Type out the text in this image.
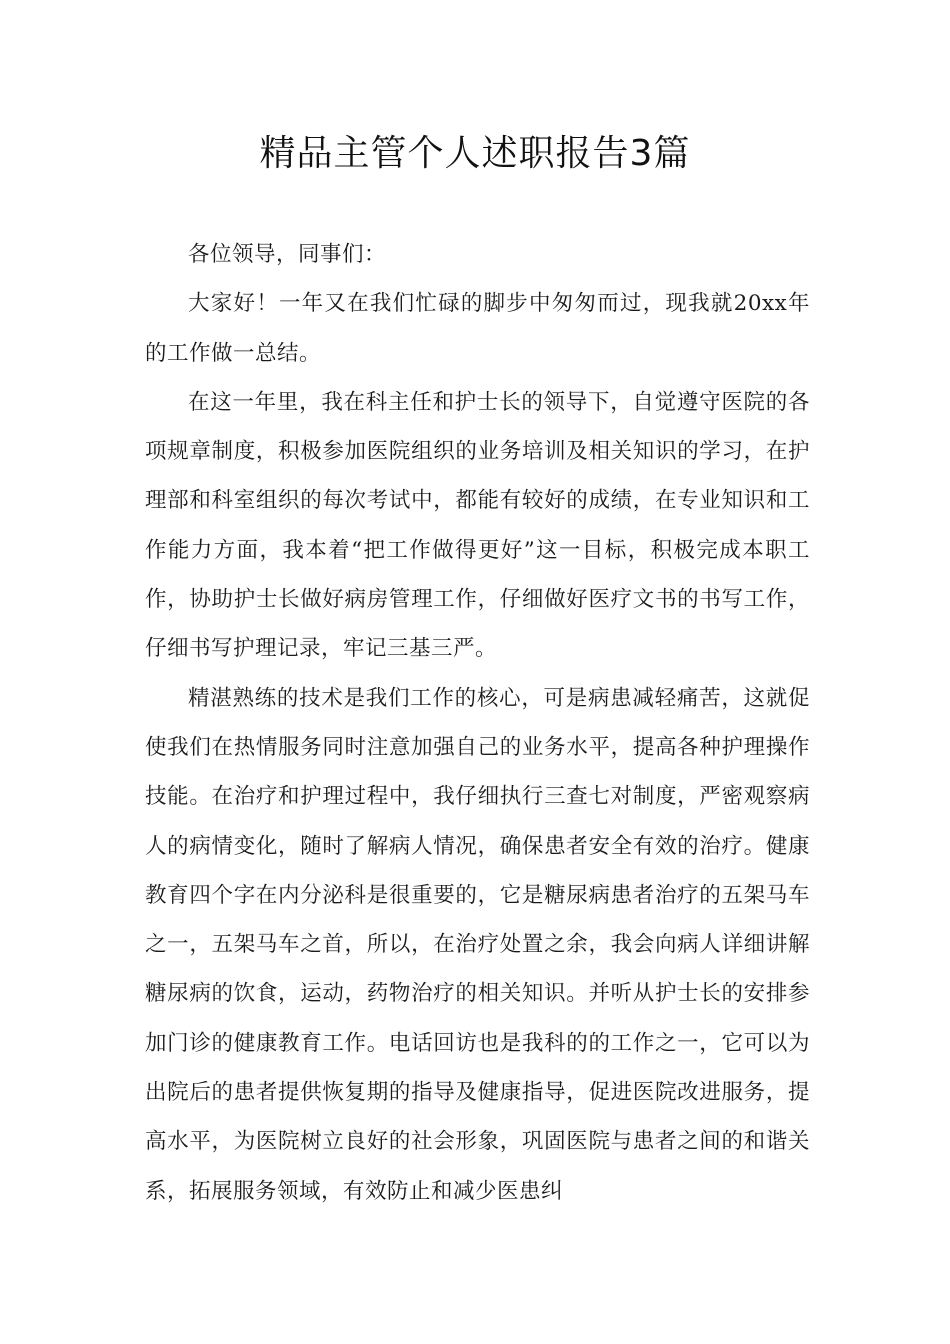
精品主管个人述职报告3篇

各位领导，同事们：

大家好！一年又在我们忙碌的脚步中匆匆而过，现我就20xx年的工作做一总结。

在这一年里，我在科主任和护士长的领导下，自觉遵守医院的各项规章制度，积极参加医院组织的业务培训及相关知识的学习，在护理部和科室组织的每次考试中，都能有较好的成绩，在专业知识和工作能力方面，我本着“把工作做得更好”这一目标，积极完成本职工作，协助护士长做好病房管理工作，仔细做好医疗文书的书写工作，仔细书写护理记录，牢记三基三严。

精湛熟练的技术是我们工作的核心，可是病患减轻痛苦，这就促使我们在热情服务同时注意加强自己的业务水平，提高各种护理操作技能。在治疗和护理过程中，我仔细执行三查七对制度，严密观察病人的病情变化，随时了解病人情况，确保患者安全有效的治疗。健康教育四个字在内分泌科是很重要的，它是糖尿病患者治疗的五架马车之一，五架马车之首，所以，在治疗处置之余，我会向病人详细讲解糖尿病的饮食，运动，药物治疗的相关知识。并听从护士长的安排参加门诊的健康教育工作。电话回访也是我科的的工作之一，它可以为出院后的患者提供恢复期的指导及健康指导，促进医院改进服务，提高水平，为医院树立良好的社会形象，巩固医院与患者之间的和谐关系，拓展服务领域，有效防止和减少医患纠
